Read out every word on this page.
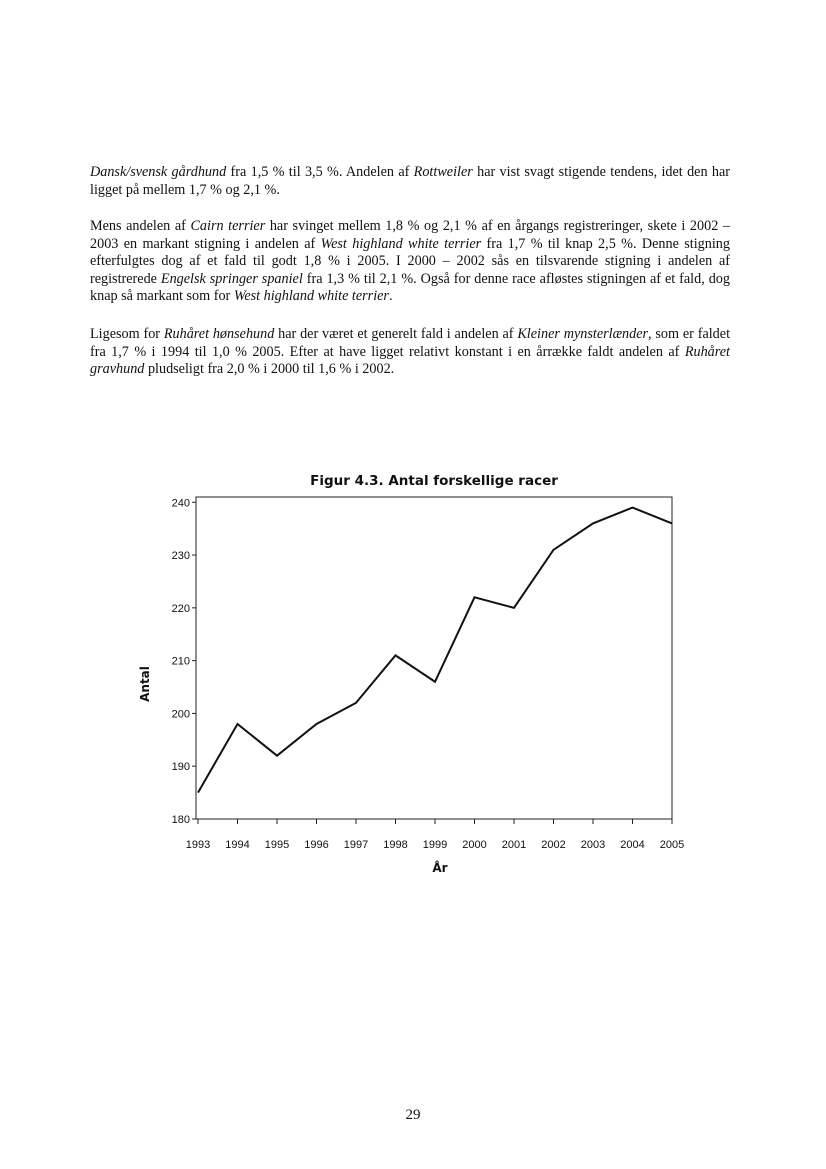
Dansk/svensk gårdhund fra 1,5 % til 3,5 %. Andelen af Rottweiler har vist svagt stigende tendens, idet den har ligget på mellem 1,7 % og 2,1 %.

Mens andelen af Cairn terrier har svinget mellem 1,8 % og 2,1 % af en årgangs registreringer, skete i 2002 – 2003 en markant stigning i andelen af West highland white terrier fra 1,7 % til knap 2,5 %. Denne stigning efterfulgtes dog af et fald til godt 1,8 % i 2005. I 2000 – 2002 sås en tilsvarende stigning i andelen af registrerede Engelsk springer spaniel fra 1,3 % til 2,1 %. Også for denne race afløstes stigningen af et fald, dog knap så markant som for West highland white terrier.

Ligesom for Ruhåret hønsehund har der været et generelt fald i andelen af Kleiner mynsterlænder, som er faldet fra 1,7 % i 1994 til 1,0 % 2005. Efter at have ligget relativt konstant i en årrække faldt andelen af Ruhåret gravhund pludseligt fra 2,0 % i 2000 til 1,6 % i 2002.

Figur 4.3. Antal forskellige racer
180
190
200
210
220
230
240
1993 1994 1995 1996 1997 1998 1999 2000 2001 2002 2003 2004 2005
År
Antal
29
